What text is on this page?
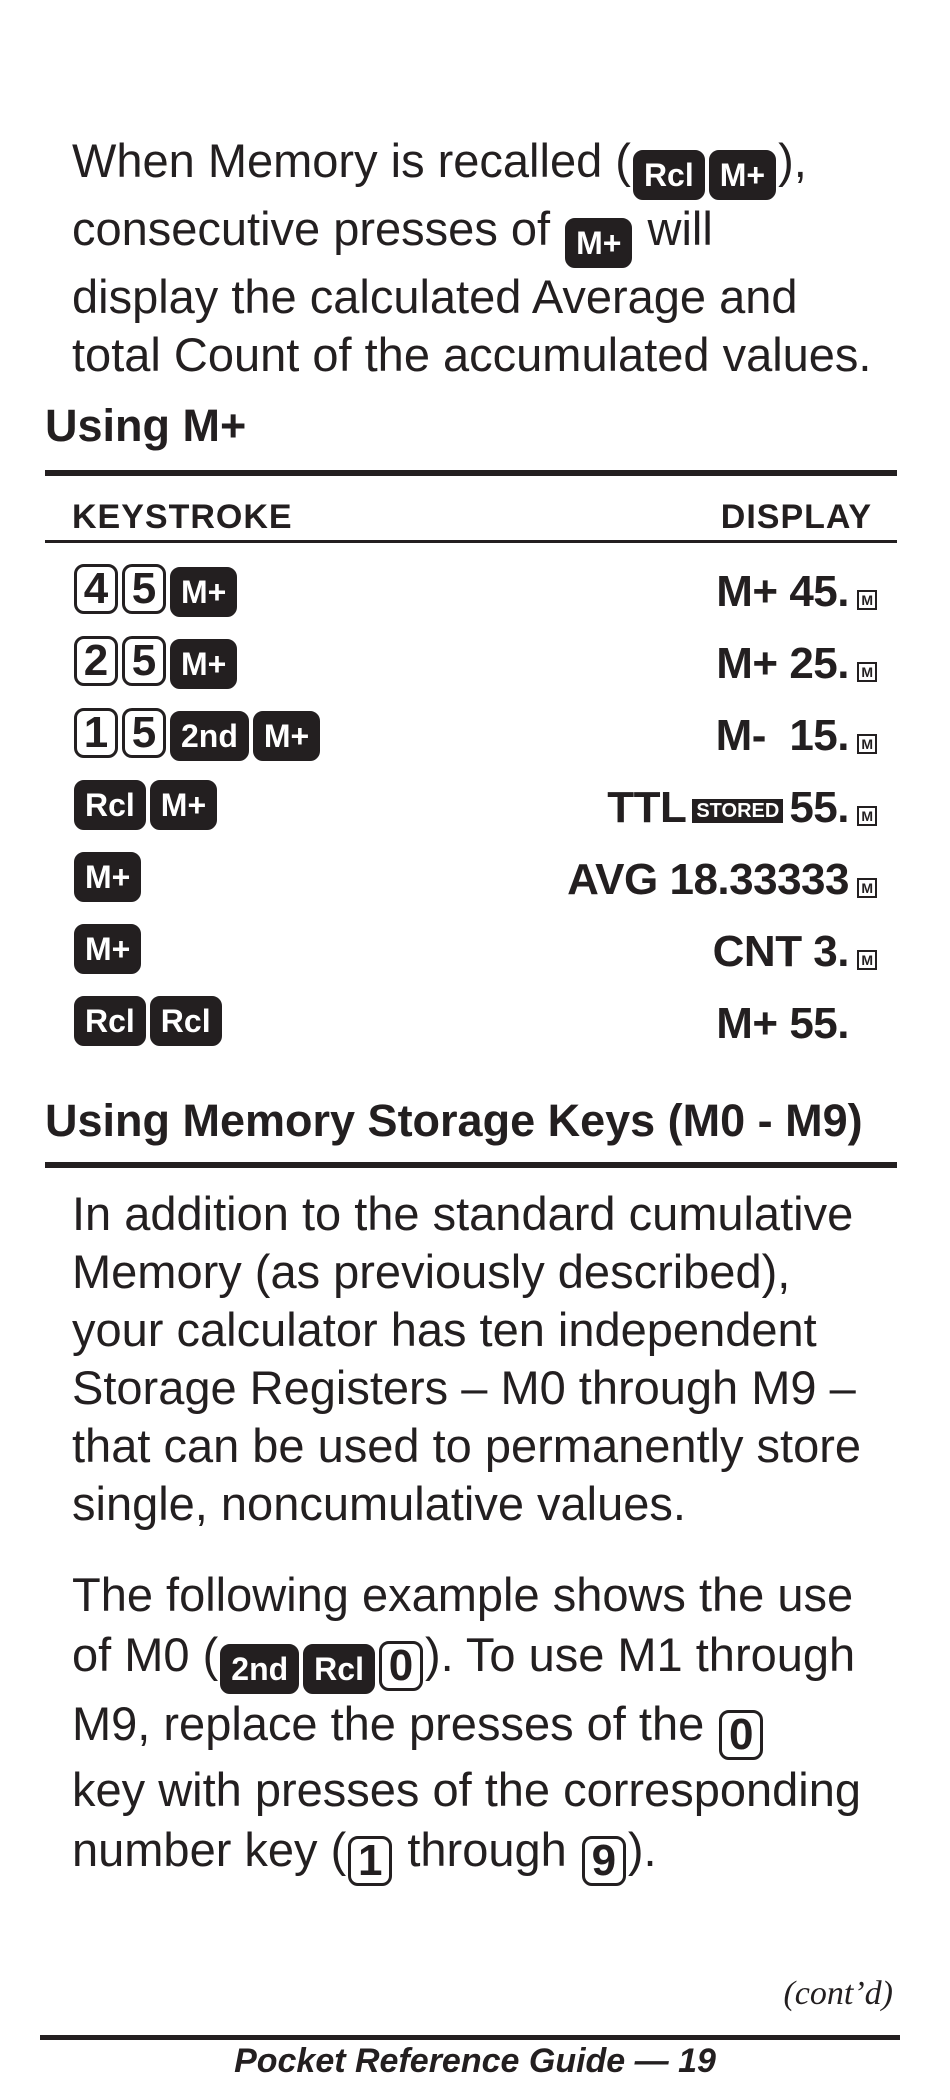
When Memory is recalled ( Rcl M+ ),
consecutive presses of M+ will
display the calculated Average and
total Count of the accumulated values.
Using M+
KEYSTROKE	DISPLAY
4 5 M+	M+ 45. M
2 5 M+	M+ 25. M
1 5 2nd M+	M-  15. M
Rcl M+	TTL STORED 55. M
M+	AVG 18.33333 M
M+	CNT 3. M
Rcl Rcl	M+ 55.
Using Memory Storage Keys (M0 - M9)
In addition to the standard cumulative
Memory (as previously described),
your calculator has ten independent
Storage Registers – M0 through M9 –
that can be used to permanently store
single, noncumulative values.
The following example shows the use
of M0 ( 2nd Rcl 0 ). To use M1 through
M9, replace the presses of the 0
key with presses of the corresponding
number key ( 1 through 9 ).
(cont’d)
Pocket Reference Guide — 19
